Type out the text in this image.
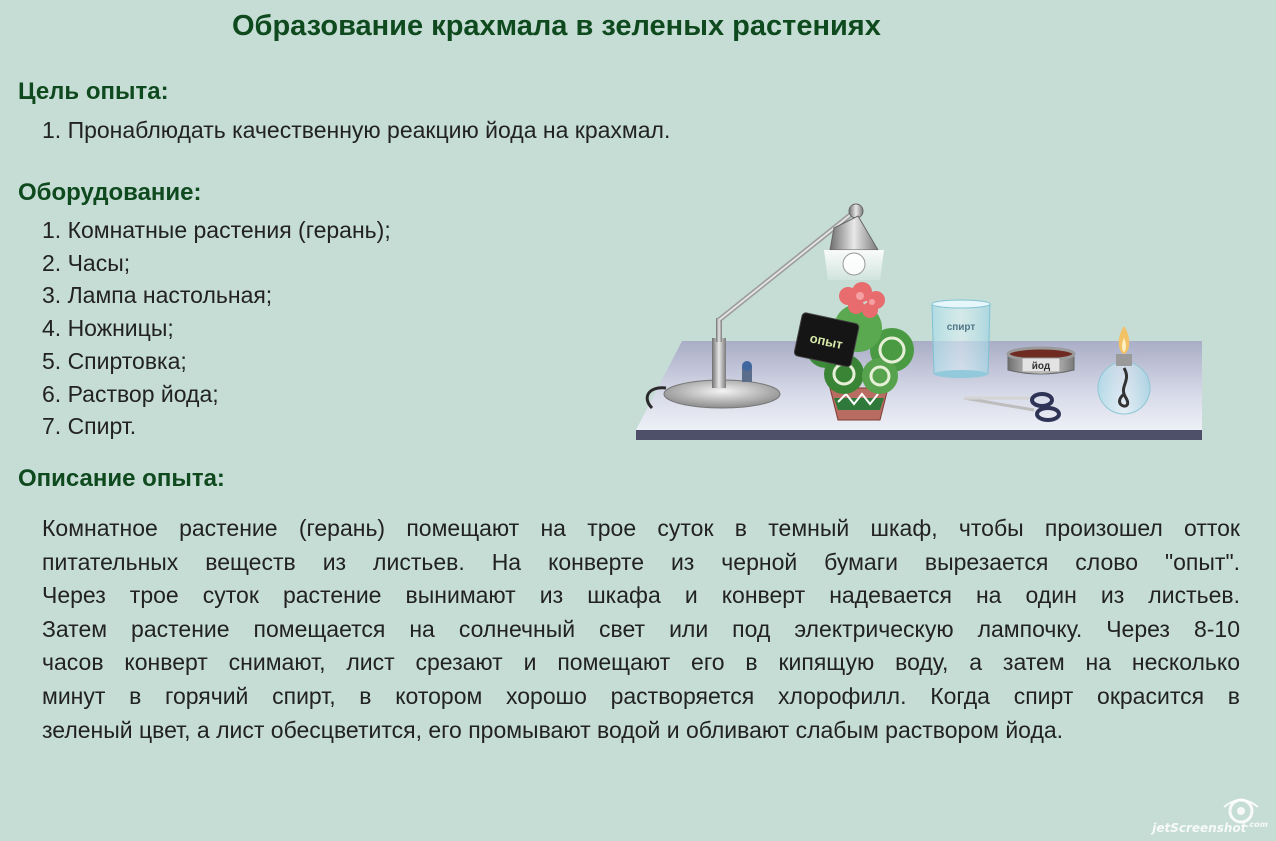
Образование крахмала в зеленых растениях
Цель опыта:
1. Пронаблюдать качественную реакцию йода на крахмал.
Оборудование:
1. Комнатные растения (герань);
2. Часы;
3. Лампа настольная;
4. Ножницы;
5. Спиртовка;
6. Раствор йода;
7. Спирт.
Описание опыта:
Комнатное растение (герань) помещают на трое суток в темный шкаф, чтобы произошел отток
питательных веществ из листьев. На конверте из черной бумаги вырезается слово "опыт".
Через трое суток растение вынимают из шкафа и конверт надевается на один из листьев.
Затем растение помещается на солнечный свет или под электрическую лампочку. Через 8-10
часов конверт снимают, лист срезают и помещают его в кипящую воду, а затем на несколько
минут в горячий спирт, в котором хорошо растворяется хлорофилл. Когда спирт окрасится в
зеленый цвет, а лист обесцветится, его промывают водой и обливают слабым раствором йода.
опыт
спирт
йод
jetScreenshot$^{.com}$
